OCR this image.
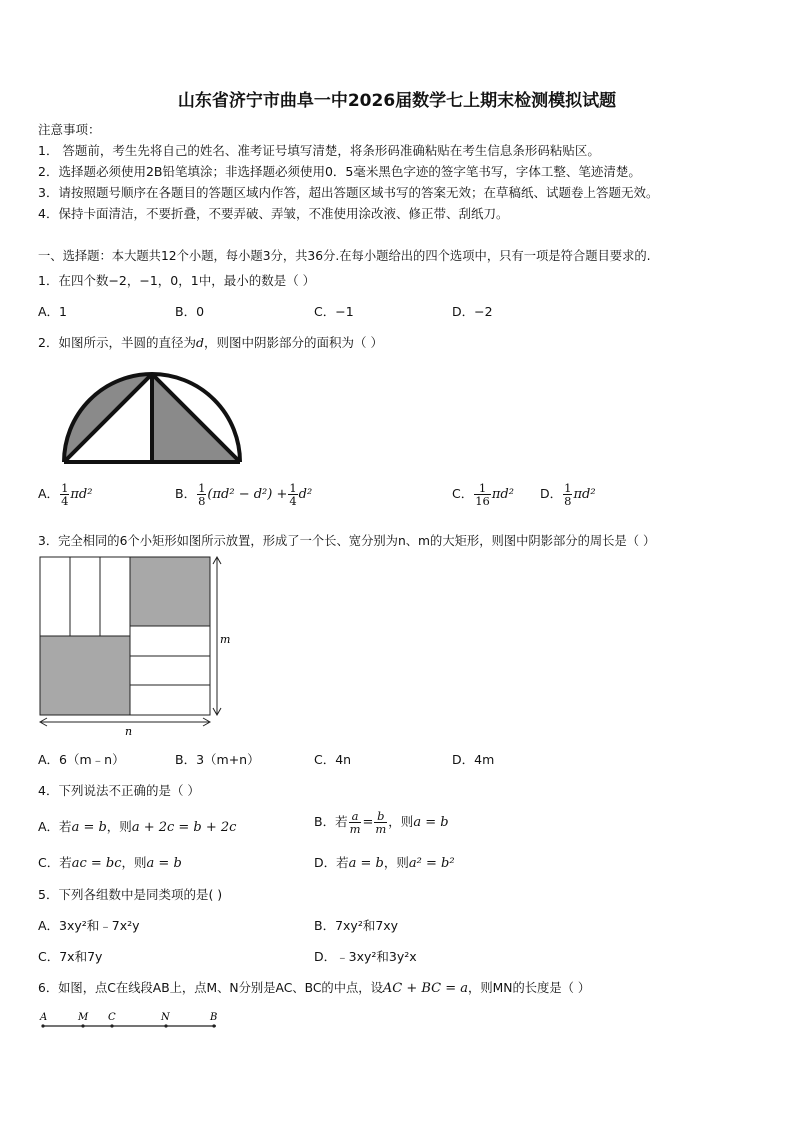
山东省济宁市曲阜一中2026届数学七上期末检测模拟试题
注意事项：
1． 答题前，考生先将自己的姓名、准考证号填写清楚，将条形码准确粘贴在考生信息条形码粘贴区。
2．选择题必须使用2B铅笔填涂；非选择题必须使用0．5毫米黑色字迹的签字笔书写，字体工整、笔迹清楚。
3．请按照题号顺序在各题目的答题区域内作答，超出答题区域书写的答案无效；在草稿纸、试题卷上答题无效。
4．保持卡面清洁，不要折叠，不要弄破、弄皱，不准使用涂改液、修正带、刮纸刀。
一、选择题：本大题共12个小题，每小题3分，共36分.在每小题给出的四个选项中，只有一项是符合题目要求的.
1．在四个数−2，−1，0，1中，最小的数是（ ）
A．1	B．0	C．−1	D．−2
2．如图所示，半圆的直径为d，则图中阴影部分的面积为（ ）
A． $\frac{1}{4} \pi d^2$	B． $\frac{1}{8} (\pi d^2 - d^2) + \frac{1}{4} d^2$	C． $\frac{1}{16} \pi d^2$ D． $\frac{1}{8} \pi d^2$
3．完全相同的6个小矩形如图所示放置，形成了一个长、宽分别为n、m的大矩形，则图中阴影部分的周长是（ ）
m
n
A．6（m﹣n）	B．3（m+n）	C．4n	D．4m
4．下列说法不正确的是（ ）
A．若a = b，则a + 2c = b + 2c	B．若 $\frac{a}{m} = \frac{b}{m}$ ，则a = b
C．若ac = bc，则a = b	D．若a = b，则a² = b²
5．下列各组数中是同类项的是( )
A．3xy²和﹣7x²y	B．7xy²和7xy
C．7x和7y	D．﹣3xy²和3y²x
6．如图，点C在线段AB上，点M、N分别是AC、BC的中点，设AC + BC = a，则MN的长度是（ ）
A	M C	N	B
